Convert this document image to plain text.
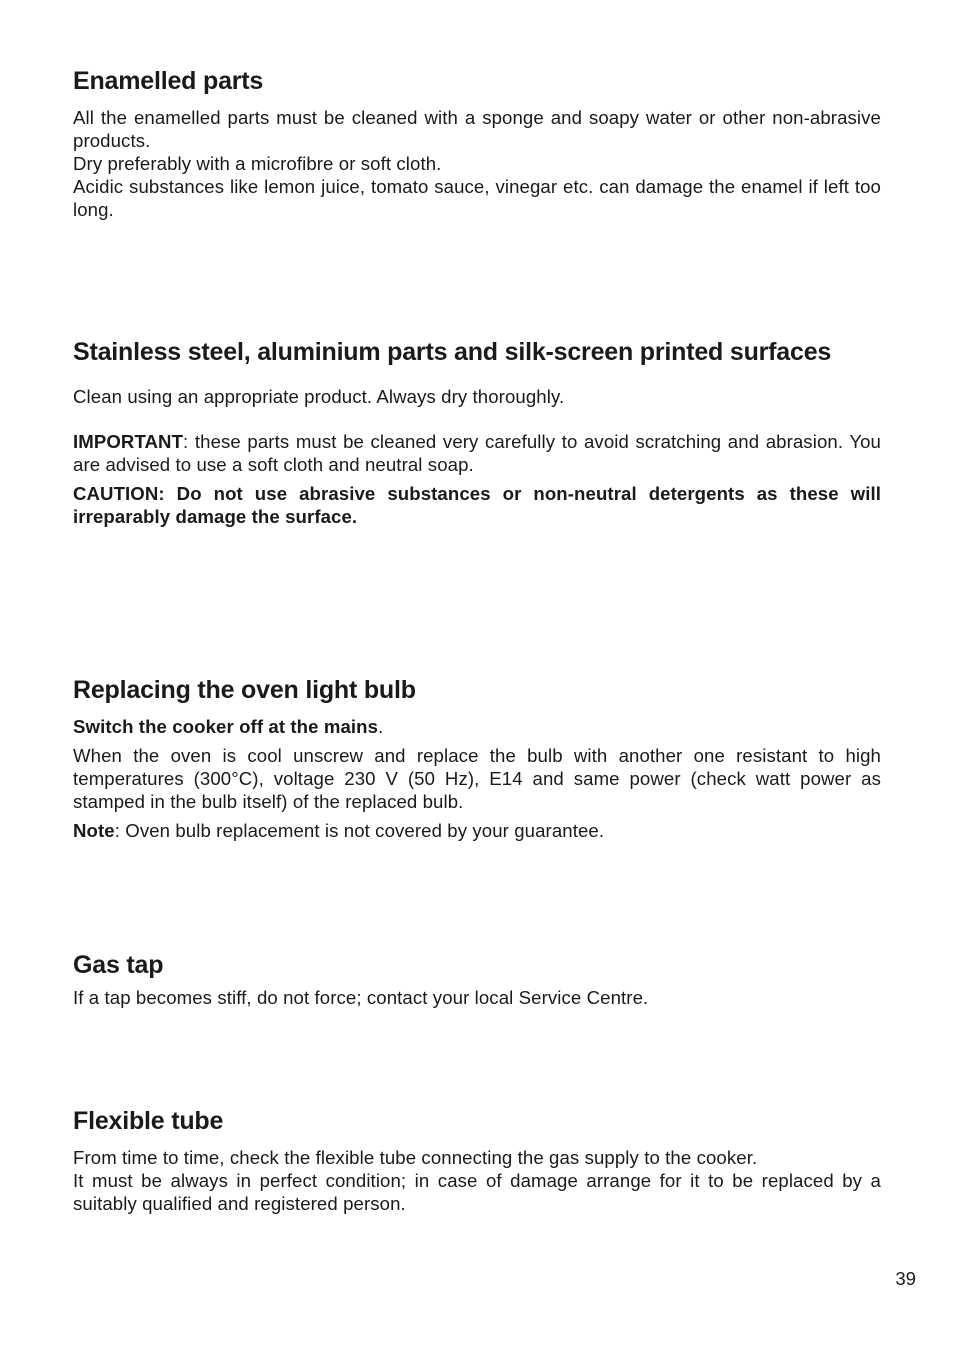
Enamelled parts

All the enamelled parts must be cleaned with a sponge and soapy water or other non-abrasive products.

Dry preferably with a microfibre or soft cloth.

Acidic substances like lemon juice, tomato sauce, vinegar etc. can damage the enamel if left too long.

Stainless steel, aluminium parts and silk-screen printed surfaces

Clean using an appropriate product. Always dry thoroughly.

IMPORTANT: these parts must be cleaned very carefully to avoid scratching and abrasion. You are advised to use a soft cloth and neutral soap.

CAUTION: Do not use abrasive substances or non-neutral detergents as these will irreparably damage the surface.

Replacing the oven light bulb

Switch the cooker off at the mains.

When the oven is cool unscrew and replace the bulb with another one resistant to high temperatures (300°C), voltage 230 V (50 Hz), E14 and same power (check watt power as stamped in the bulb itself) of the replaced bulb.

Note: Oven bulb replacement is not covered by your guarantee.

Gas tap

If a tap becomes stiff, do not force; contact your local Service Centre.

Flexible tube

From time to time, check the flexible tube connecting the gas supply to the cooker.

It must be always in perfect condition; in case of damage arrange for it to be replaced by a suitably qualified and registered person.

39
